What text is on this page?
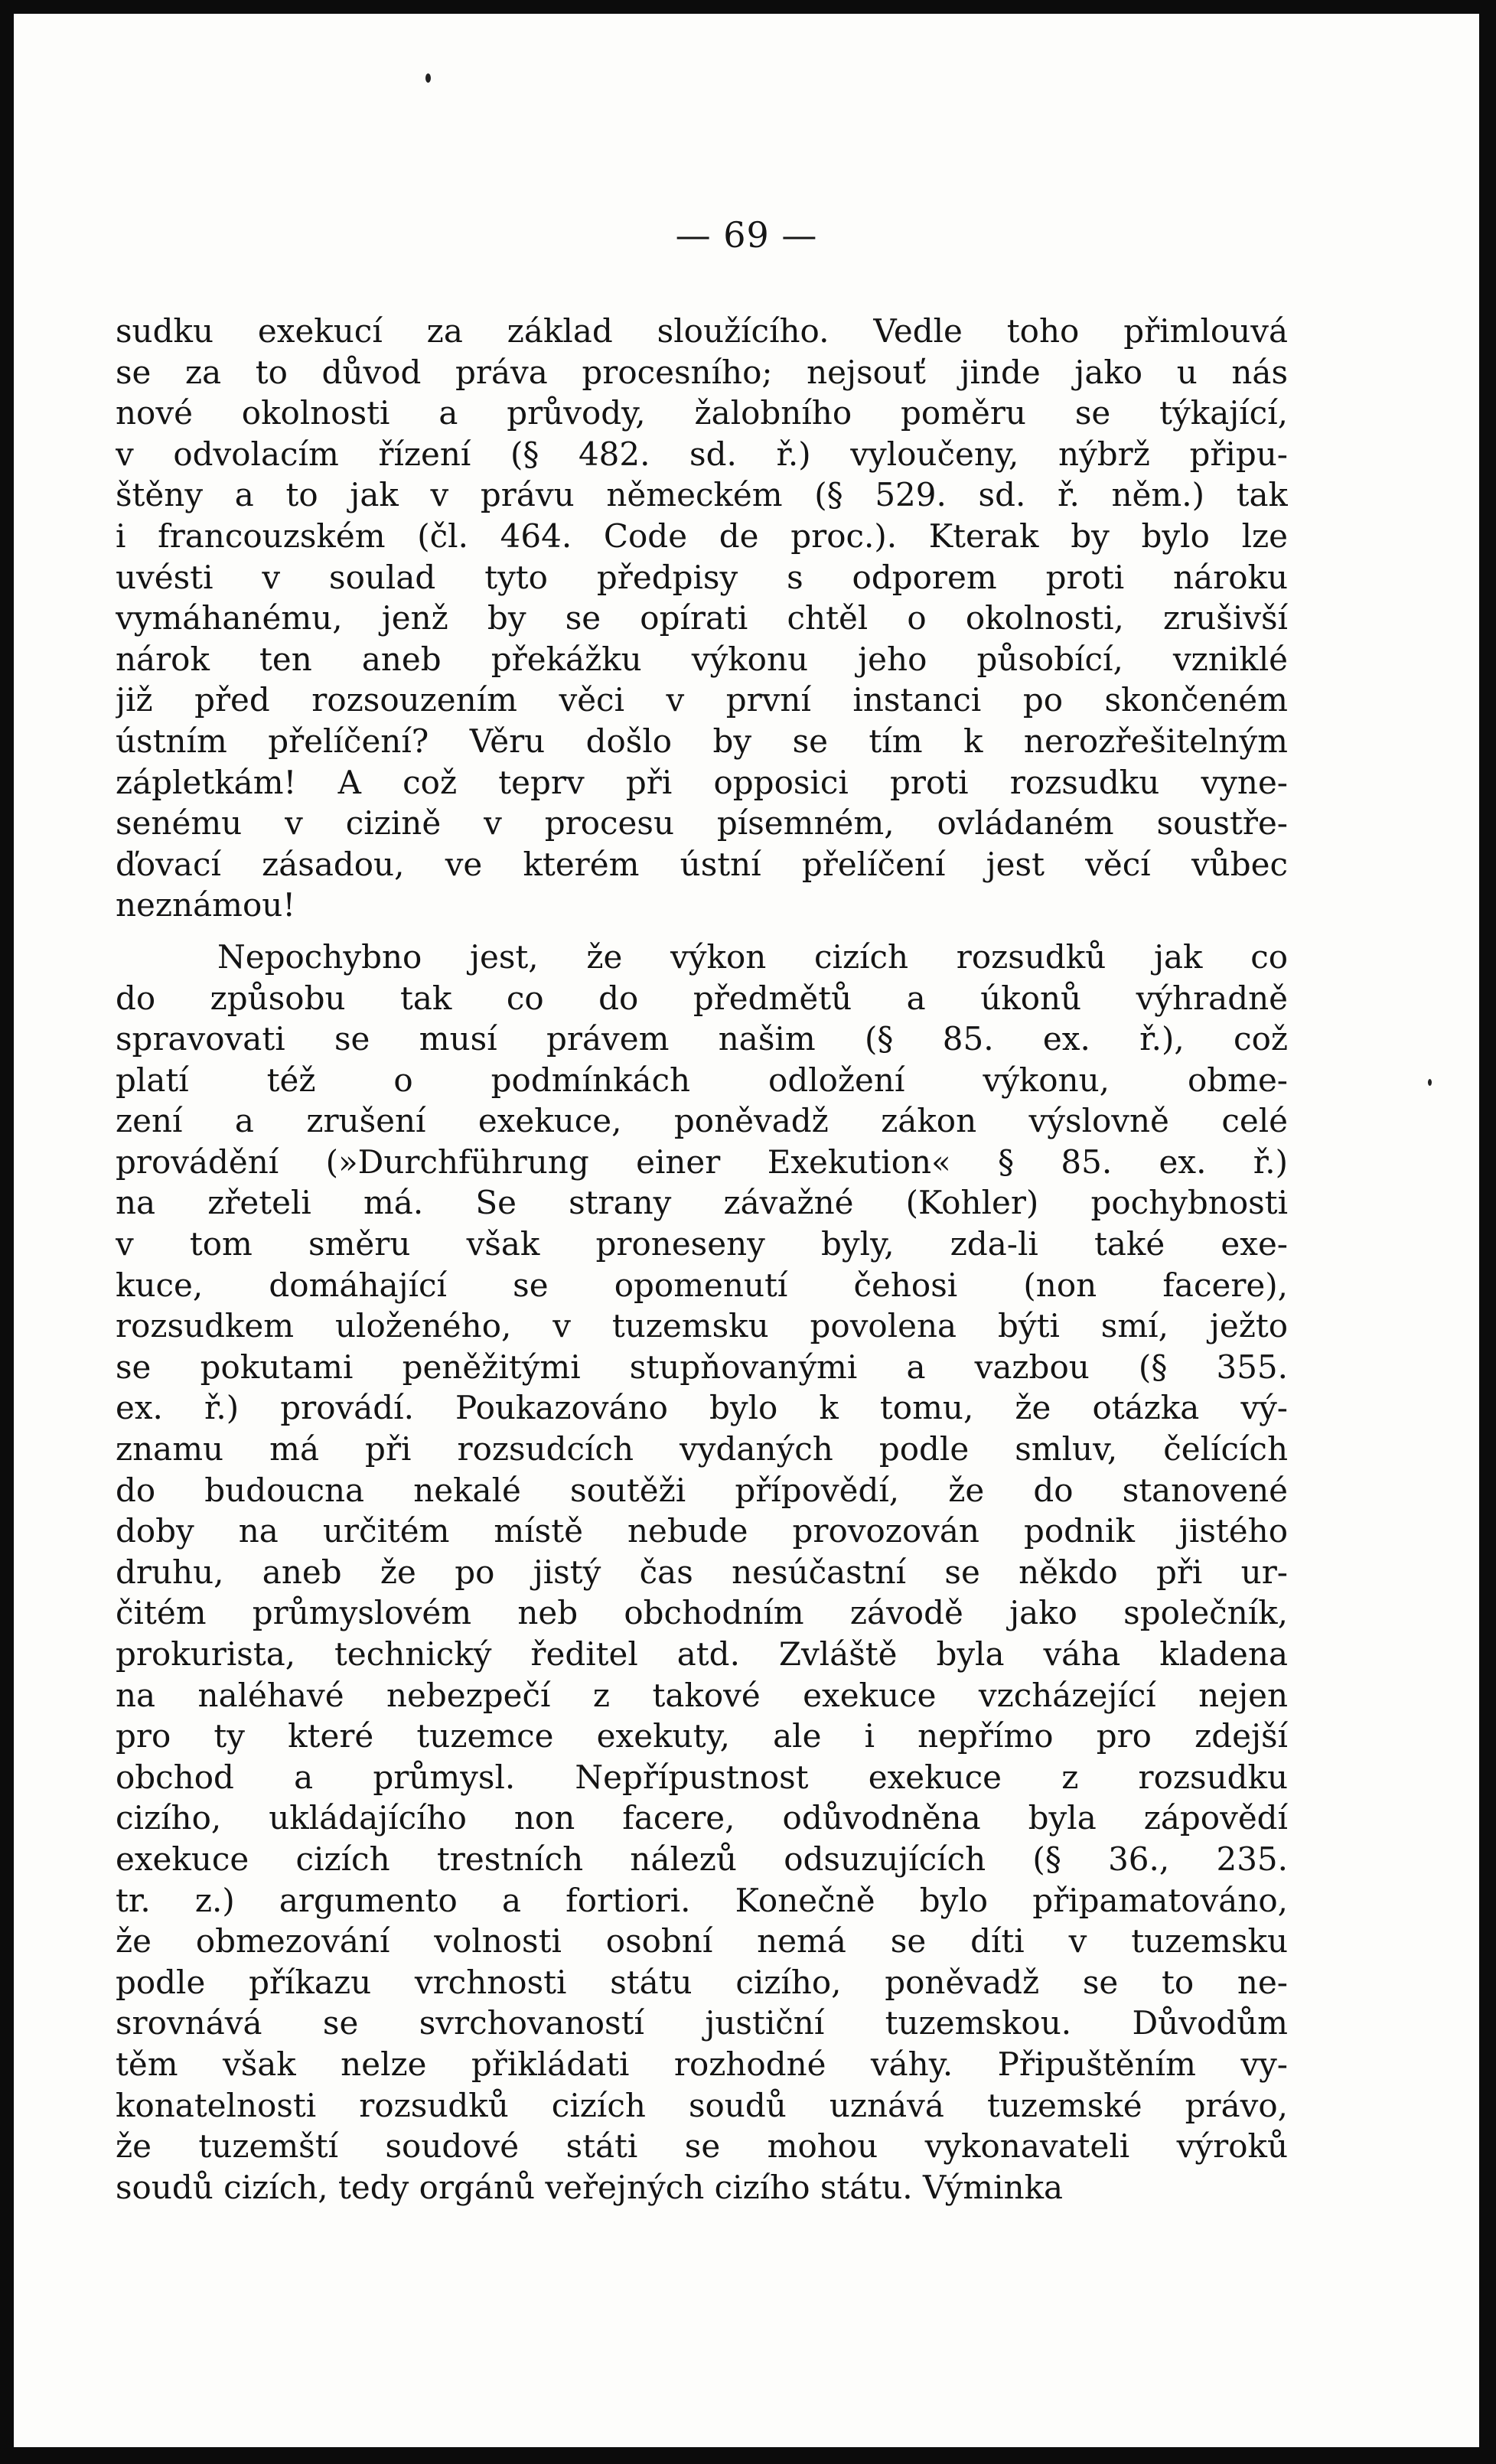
— 69 —
sudku exekucí za základ sloužícího. Vedle toho přimlouvá
se za to důvod práva procesního; nejsouť jinde jako u nás
nové okolnosti a průvody, žalobního poměru se týkající,
v odvolacím řízení (§ 482. sd. ř.) vyloučeny, nýbrž připu-
štěny a to jak v právu německém (§ 529. sd. ř. něm.) tak
i francouzském (čl. 464. Code de proc.). Kterak by bylo lze
uvésti v soulad tyto předpisy s odporem proti nároku
vymáhanému, jenž by se opírati chtěl o okolnosti, zrušivší
nárok ten aneb překážku výkonu jeho působící, vzniklé
již před rozsouzením věci v první instanci po skončeném
ústním přelíčení? Věru došlo by se tím k nerozřešitelným
zápletkám! A což teprv při opposici proti rozsudku vyne-
senému v cizině v procesu písemném, ovládaném soustře-
ďovací zásadou, ve kterém ústní přelíčení jest věcí vůbec
neznámou!
Nepochybno jest, že výkon cizích rozsudků jak co
do způsobu tak co do předmětů a úkonů výhradně
spravovati se musí právem našim (§ 85. ex. ř.), což
platí též o podmínkách odložení výkonu, obme-
zení a zrušení exekuce, poněvadž zákon výslovně celé
provádění (»Durchführung einer Exekution« § 85. ex. ř.)
na zřeteli má. Se strany závažné (Kohler) pochybnosti
v tom směru však proneseny byly, zda-li také exe-
kuce, domáhající se opomenutí čehosi (non facere),
rozsudkem uloženého, v tuzemsku povolena býti smí, ježto
se pokutami peněžitými stupňovanými a vazbou (§ 355.
ex. ř.) provádí. Poukazováno bylo k tomu, že otázka vý-
znamu má při rozsudcích vydaných podle smluv, čelících
do budoucna nekalé soutěži přípovědí, že do stanovené
doby na určitém místě nebude provozován podnik jistého
druhu, aneb že po jistý čas nesúčastní se někdo při ur-
čitém průmyslovém neb obchodním závodě jako společník,
prokurista, technický ředitel atd. Zvláště byla váha kladena
na naléhavé nebezpečí z takové exekuce vzcházející nejen
pro ty které tuzemce exekuty, ale i nepřímo pro zdejší
obchod a průmysl. Nepřípustnost exekuce z rozsudku
cizího, ukládajícího non facere, odůvodněna byla zápovědí
exekuce cizích trestních nálezů odsuzujících (§ 36., 235.
tr. z.) argumento a fortiori. Konečně bylo připamatováno,
že obmezování volnosti osobní nemá se díti v tuzemsku
podle příkazu vrchnosti státu cizího, poněvadž se to ne-
srovnává se svrchovaností justiční tuzemskou. Důvodům
těm však nelze přikládati rozhodné váhy. Připuštěním vy-
konatelnosti rozsudků cizích soudů uznává tuzemské právo,
že tuzemští soudové státi se mohou vykonavateli výroků
soudů cizích, tedy orgánů veřejných cizího státu. Výminka
